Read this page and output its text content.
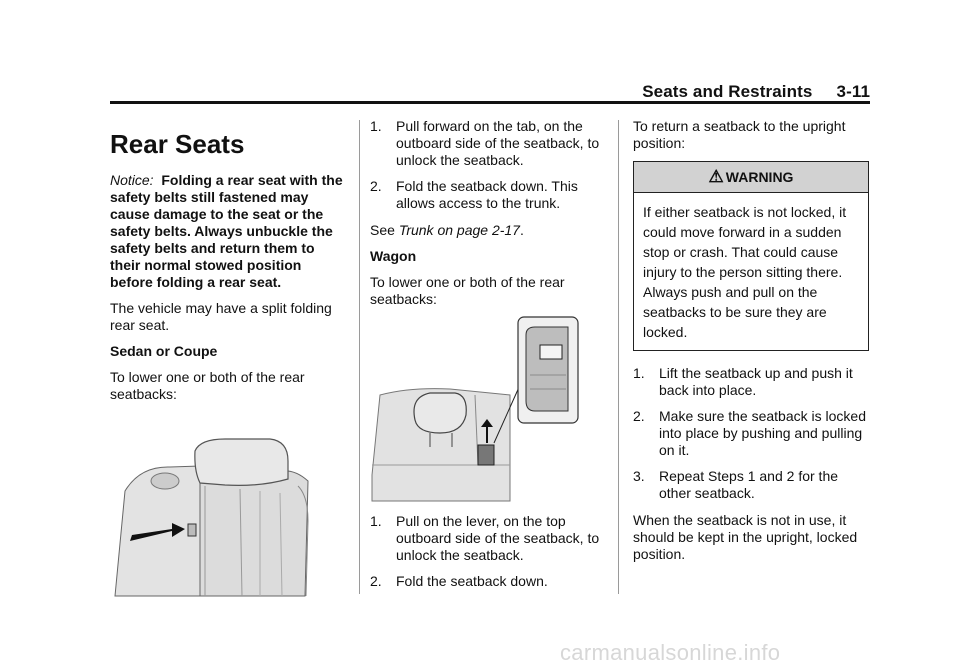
Seats and Restraints     3-11
Rear Seats

Notice: Folding a rear seat with the safety belts still fastened may cause damage to the seat or the safety belts. Always unbuckle the safety belts and return them to their normal stowed position before folding a rear seat.

The vehicle may have a split folding rear seat.

Sedan or Coupe

To lower one or both of the rear seatbacks:

1. Pull forward on the tab, on the outboard side of the seatback, to unlock the seatback.
2. Fold the seatback down. This allows access to the trunk.

See Trunk on page 2-17.

Wagon

To lower one or both of the rear seatbacks:

1. Pull on the lever, on the top outboard side of the seatback, to unlock the seatback.
2. Fold the seatback down.

To return a seatback to the upright position:

⚠ WARNING
If either seatback is not locked, it could move forward in a sudden stop or crash. That could cause injury to the person sitting there. Always push and pull on the seatbacks to be sure they are locked.
1. Lift the seatback up and push it back into place.
2. Make sure the seatback is locked into place by pushing and pulling on it.
3. Repeat Steps 1 and 2 for the other seatback.

When the seatback is not in use, it should be kept in the upright, locked position.

carmanualsonline.info
